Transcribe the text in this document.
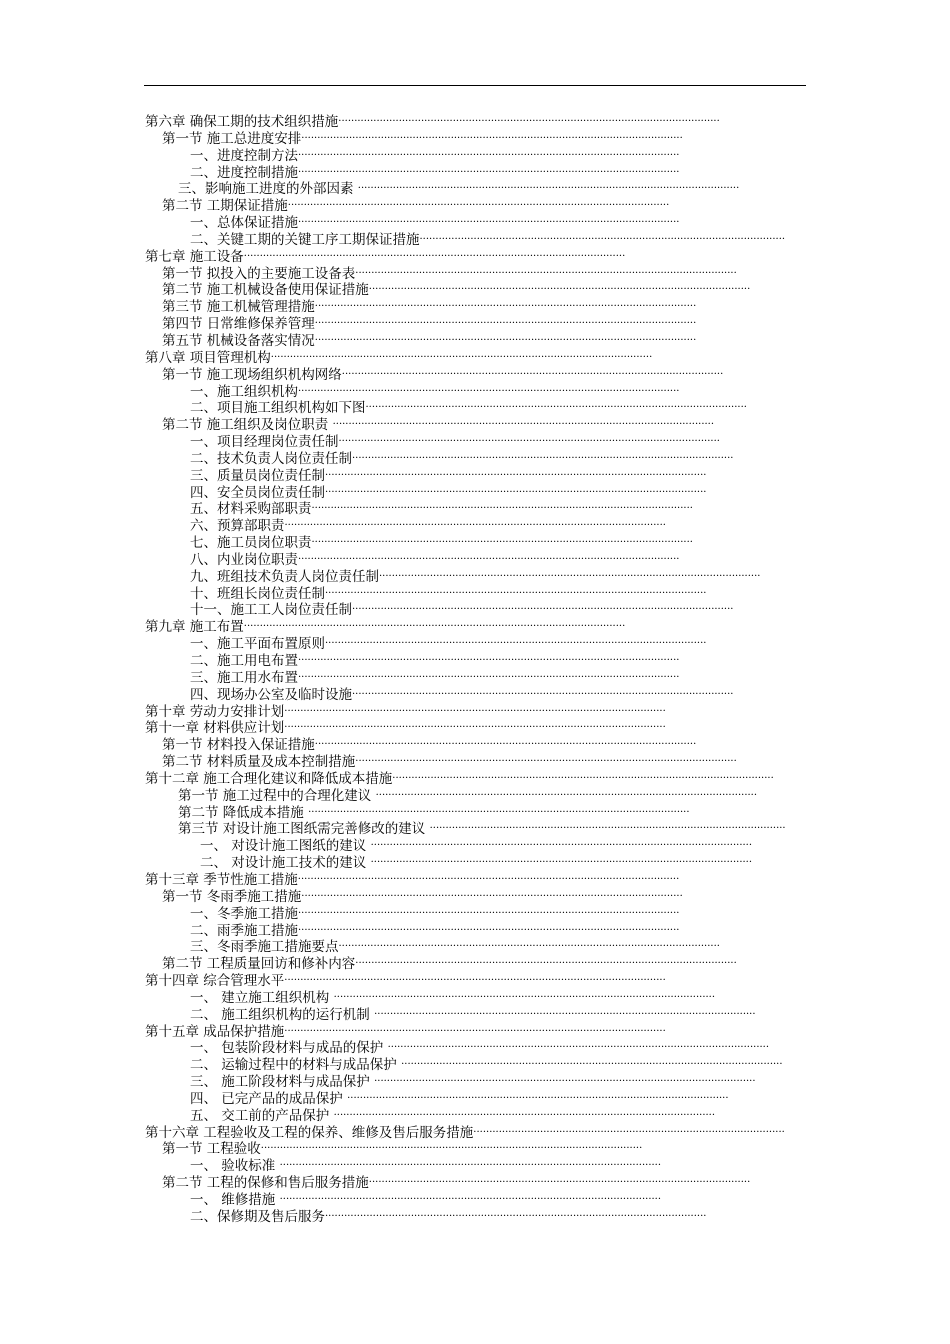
第六章 确保工期的技术组织措施 ·····
第一节 施工总进度安排 ·····
一、进度控制方法 ·····
二、进度控制措施 ·····
三、影响施工进度的外部因素 ·····
第二节 工期保证措施 ·····
一、总体保证措施 ·····
二、关键工期的关键工序工期保证措施 ·····
第七章 施工设备 ·····
第一节 拟投入的主要施工设备表 ·····
第二节 施工机械设备使用保证措施 ·····
第三节 施工机械管理措施 ·····
第四节 日常维修保养管理 ·····
第五节 机械设备落实情况 ·····
第八章 项目管理机构 ·····
第一节 施工现场组织机构网络 ·····
一、施工组织机构 ·····
二、项目施工组织机构如下图 ·····
第二节 施工组织及岗位职责 ·····
一、项目经理岗位责任制 ·····
二、技术负责人岗位责任制 ·····
三、质量员岗位责任制 ·····
四、安全员岗位责任制 ·····
五、材料采购部职责 ·····
六、预算部职责 ·····
七、施工员岗位职责 ·····
八、内业岗位职责 ·····
九、班组技术负责人岗位责任制 ·····
十、班组长岗位责任制 ·····
十一、施工工人岗位责任制 ·····
第九章 施工布置 ·····
一、施工平面布置原则 ·····
二、施工用电布置 ·····
三、施工用水布置 ·····
四、现场办公室及临时设施 ·····
第十章 劳动力安排计划 ·····
第十一章 材料供应计划 ·····
第一节 材料投入保证措施 ·····
第二节 材料质量及成本控制措施 ·····
第十二章 施工合理化建议和降低成本措施 ·····
第一节 施工过程中的合理化建议 ·····
第二节 降低成本措施 ·····
第三节 对设计施工图纸需完善修改的建议 ·····
一、 对设计施工图纸的建议 ·····
二、 对设计施工技术的建议 ·····
第十三章 季节性施工措施 ·····
第一节 冬雨季施工措施 ·····
一、冬季施工措施 ·····
二、雨季施工措施 ·····
三、冬雨季施工措施要点 ·····
第二节 工程质量回访和修补内容 ·····
第十四章 综合管理水平 ·····
一、 建立施工组织机构 ·····
二、 施工组织机构的运行机制 ·····
第十五章 成品保护措施 ·····
一、 包装阶段材料与成品的保护 ·····
二、 运输过程中的材料与成品保护 ·····
三、 施工阶段材料与成品保护 ·····
四、 已完产品的成品保护 ·····
五、 交工前的产品保护 ·····
第十六章 工程验收及工程的保养、维修及售后服务措施 ·····
第一节 工程验收 ·····
一、 验收标准 ·····
第二节 工程的保修和售后服务措施 ·····
一、 维修措施 ·····
二、保修期及售后服务 ·····
